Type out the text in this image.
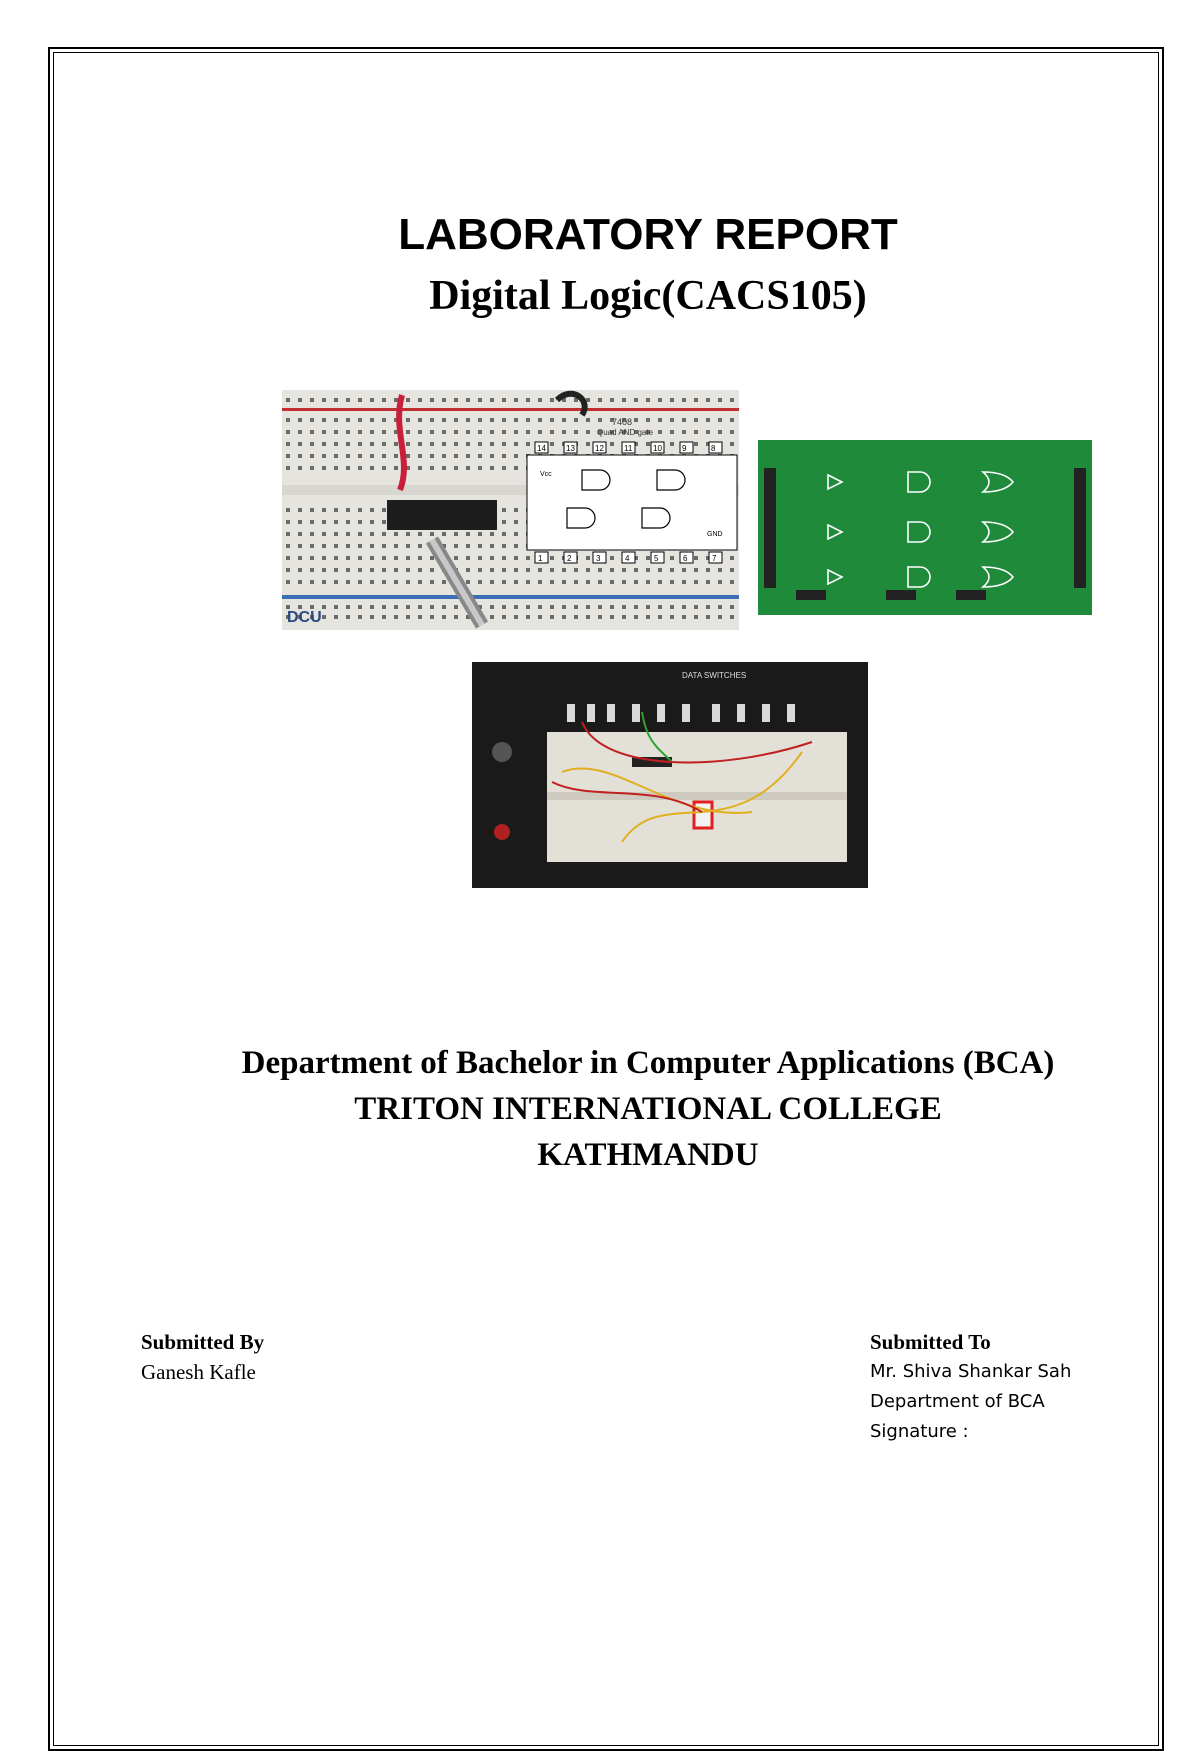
LABORATORY REPORT
Digital Logic(CACS105)
7408
Quad AND gate
Vcc
GND
14	13	12	11	10	9	8
1	2	3	4	5	6	7
DCU
DATA SWITCHES
Department of Bachelor in Computer Applications (BCA)
TRITON INTERNATIONAL COLLEGE
KATHMANDU
Submitted By
Ganesh Kafle
Submitted To
Mr. Shiva Shankar Sah
Department of BCA
Signature :
